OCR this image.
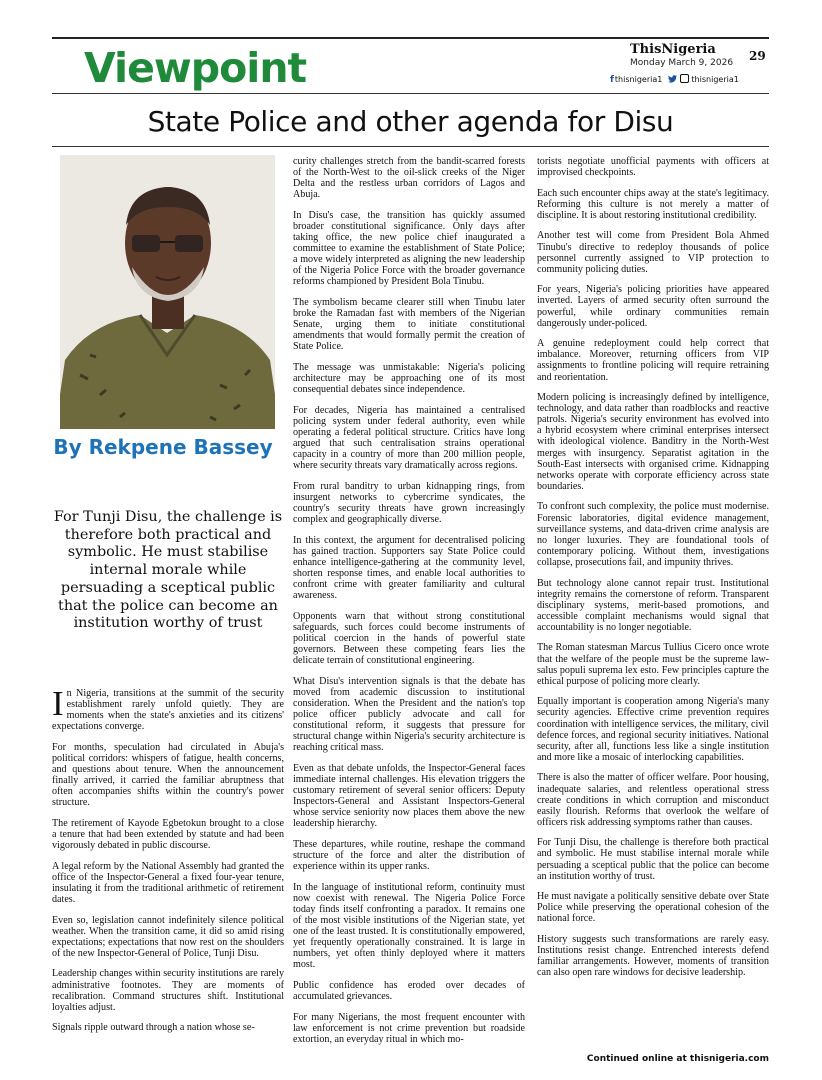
Viewpoint	ThisNigeria
Monday March 9, 2026	29
fthisnigeria1	thisnigeria1
State Police and other agenda for Disu
By Rekpene Bassey
For Tunji Disu, the challenge is therefore both practical and symbolic. He must stabilise internal morale while persuading a sceptical public that the police can become an institution worthy of trust

In Nigeria, transitions at the summit of the security establishment rarely unfold quietly. They are moments when the state's anxieties and its citizens' expectations converge.

For months, speculation had circulated in Abuja's political corridors: whispers of fatigue, health concerns, and questions about tenure. When the announcement finally arrived, it carried the familiar abruptness that often accompanies shifts within the country's power structure.

The retirement of Kayode Egbetokun brought to a close a tenure that had been extended by statute and had been vigorously debated in public discourse.

A legal reform by the National Assembly had granted the office of the Inspector-General a fixed four-year tenure, insulating it from the traditional arithmetic of retirement dates.

Even so, legislation cannot indefinitely silence political weather. When the transition came, it did so amid rising expectations; expectations that now rest on the shoulders of the new Inspector-General of Police, Tunji Disu.

Leadership changes within security institutions are rarely administrative footnotes. They are moments of recalibration. Command structures shift. Institutional loyalties adjust.

Signals ripple outward through a nation whose se-

curity challenges stretch from the bandit-scarred forests of the North-West to the oil-slick creeks of the Niger Delta and the restless urban corridors of Lagos and Abuja.

In Disu's case, the transition has quickly assumed broader constitutional significance. Only days after taking office, the new police chief inaugurated a committee to examine the establishment of State Police; a move widely interpreted as aligning the new leadership of the Nigeria Police Force with the broader governance reforms championed by President Bola Tinubu.

The symbolism became clearer still when Tinubu later broke the Ramadan fast with members of the Nigerian Senate, urging them to initiate constitutional amendments that would formally permit the creation of State Police.

The message was unmistakable: Nigeria's policing architecture may be approaching one of its most consequential debates since independence.

For decades, Nigeria has maintained a centralised policing system under federal authority, even while operating a federal political structure. Critics have long argued that such centralisation strains operational capacity in a country of more than 200 million people, where security threats vary dramatically across regions.

From rural banditry to urban kidnapping rings, from insurgent networks to cybercrime syndicates, the country's security threats have grown increasingly complex and geographically diverse.

In this context, the argument for decentralised policing has gained traction. Supporters say State Police could enhance intelligence-gathering at the community level, shorten response times, and enable local authorities to confront crime with greater familiarity and cultural awareness.

Opponents warn that without strong constitutional safeguards, such forces could become instruments of political coercion in the hands of powerful state governors. Between these competing fears lies the delicate terrain of constitutional engineering.

What Disu's intervention signals is that the debate has moved from academic discussion to institutional consideration. When the President and the nation's top police officer publicly advocate and call for constitutional reform, it suggests that pressure for structural change within Nigeria's security architecture is reaching critical mass.

Even as that debate unfolds, the Inspector-General faces immediate internal challenges. His elevation triggers the customary retirement of several senior officers: Deputy Inspectors-General and Assistant Inspectors-General whose service seniority now places them above the new leadership hierarchy.

These departures, while routine, reshape the command structure of the force and alter the distribution of experience within its upper ranks.

In the language of institutional reform, continuity must now coexist with renewal. The Nigeria Police Force today finds itself confronting a paradox. It remains one of the most visible institutions of the Nigerian state, yet one of the least trusted. It is constitutionally empowered, yet frequently operationally constrained. It is large in numbers, yet often thinly deployed where it matters most.

Public confidence has eroded over decades of accumulated grievances.

For many Nigerians, the most frequent encounter with law enforcement is not crime prevention but roadside extortion, an everyday ritual in which mo-

torists negotiate unofficial payments with officers at improvised checkpoints.

Each such encounter chips away at the state's legitimacy. Reforming this culture is not merely a matter of discipline. It is about restoring institutional credibility.

Another test will come from President Bola Ahmed Tinubu's directive to redeploy thousands of police personnel currently assigned to VIP protection to community policing duties.

For years, Nigeria's policing priorities have appeared inverted. Layers of armed security often surround the powerful, while ordinary communities remain dangerously under-policed.

A genuine redeployment could help correct that imbalance. Moreover, returning officers from VIP assignments to frontline policing will require retraining and reorientation.

Modern policing is increasingly defined by intelligence, technology, and data rather than roadblocks and reactive patrols. Nigeria's security environment has evolved into a hybrid ecosystem where criminal enterprises intersect with ideological violence. Banditry in the North-West merges with insurgency. Separatist agitation in the South-East intersects with organised crime. Kidnapping networks operate with corporate efficiency across state boundaries.

To confront such complexity, the police must modernise. Forensic laboratories, digital evidence management, surveillance systems, and data-driven crime analysis are no longer luxuries. They are foundational tools of contemporary policing. Without them, investigations collapse, prosecutions fail, and impunity thrives.

But technology alone cannot repair trust. Institutional integrity remains the cornerstone of reform. Transparent disciplinary systems, merit-based promotions, and accessible complaint mechanisms would signal that accountability is no longer negotiable.

The Roman statesman Marcus Tullius Cicero once wrote that the welfare of the people must be the supreme law- salus populi suprema lex esto. Few principles capture the ethical purpose of policing more clearly.

Equally important is cooperation among Nigeria's many security agencies. Effective crime prevention requires coordination with intelligence services, the military, civil defence forces, and regional security initiatives. National security, after all, functions less like a single institution and more like a mosaic of interlocking capabilities.

There is also the matter of officer welfare. Poor housing, inadequate salaries, and relentless operational stress create conditions in which corruption and misconduct easily flourish. Reforms that overlook the welfare of officers risk addressing symptoms rather than causes.

For Tunji Disu, the challenge is therefore both practical and symbolic. He must stabilise internal morale while persuading a sceptical public that the police can become an institution worthy of trust.

He must navigate a politically sensitive debate over State Police while preserving the operational cohesion of the national force.

History suggests such transformations are rarely easy. Institutions resist change. Entrenched interests defend familiar arrangements. However, moments of transition can also open rare windows for decisive leadership.

Continued online at thisnigeria.com
